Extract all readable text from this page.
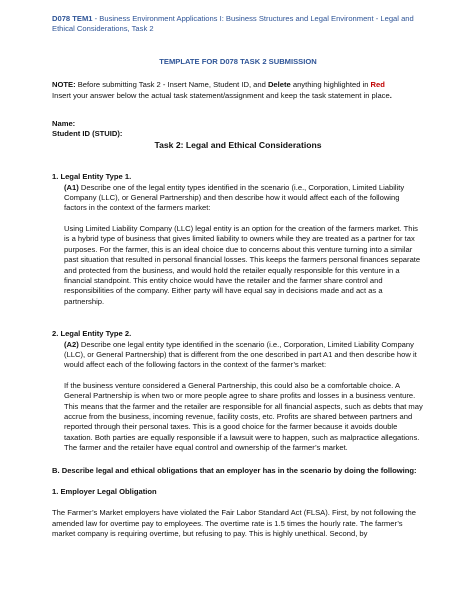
D078 TEM1 - Business Environment Applications I: Business Structures and Legal Environment - Legal and Ethical Considerations, Task 2
TEMPLATE FOR D078 TASK 2 SUBMISSION

NOTE: Before submitting Task 2 - Insert Name, Student ID, and Delete anything highlighted in Red

Insert your answer below the actual task statement/assignment and keep the task statement in place.

Name:

Student ID (STUID):

Task 2: Legal and Ethical Considerations

1. Legal Entity Type 1.

(A1) Describe one of the legal entity types identified in the scenario (i.e., Corporation, Limited Liability Company (LLC), or General Partnership) and then describe how it would affect each of the following factors in the context of the farmers market:

Using Limited Liability Company (LLC) legal entity is an option for the creation of the farmers market. This is a hybrid type of business that gives limited liability to owners while they are treated as a partner for tax purposes. For the farmer, this is an ideal choice due to concerns about this venture turning into a similar past situation that resulted in personal financial losses. This keeps the farmers personal finances separate and protected from the business, and would hold the retailer equally responsible for this venture in a financial standpoint. This entity choice would have the retailer and the farmer share control and responsibilities of the company. Either party will have equal say in decisions made and act as a partnership.

2. Legal Entity Type 2.

(A2) Describe one legal entity type identified in the scenario (i.e., Corporation, Limited Liability Company (LLC), or General Partnership) that is different from the one described in part A1 and then describe how it would affect each of the following factors in the context of the farmer’s market:

If the business venture considered a General Partnership, this could also be a comfortable choice. A General Partnership is when two or more people agree to share profits and losses in a business venture. This means that the farmer and the retailer are responsible for all financial aspects, such as debts that may accrue from the business, incoming revenue, facility costs, etc. Profits are shared between partners and reported through their personal taxes. This is a good choice for the farmer because it avoids double taxation. Both parties are equally responsible if a lawsuit were to happen, such as malpractice allegations. The farmer and the retailer have equal control and ownership of the farmer’s market.

B. Describe legal and ethical obligations that an employer has in the scenario by doing the following:

1. Employer Legal Obligation

The Farmer’s Market employers have violated the Fair Labor Standard Act (FLSA). First, by not following the amended law for overtime pay to employees. The overtime rate is 1.5 times the hourly rate. The farmer’s market company is requiring overtime, but refusing to pay. This is highly unethical. Second, by
